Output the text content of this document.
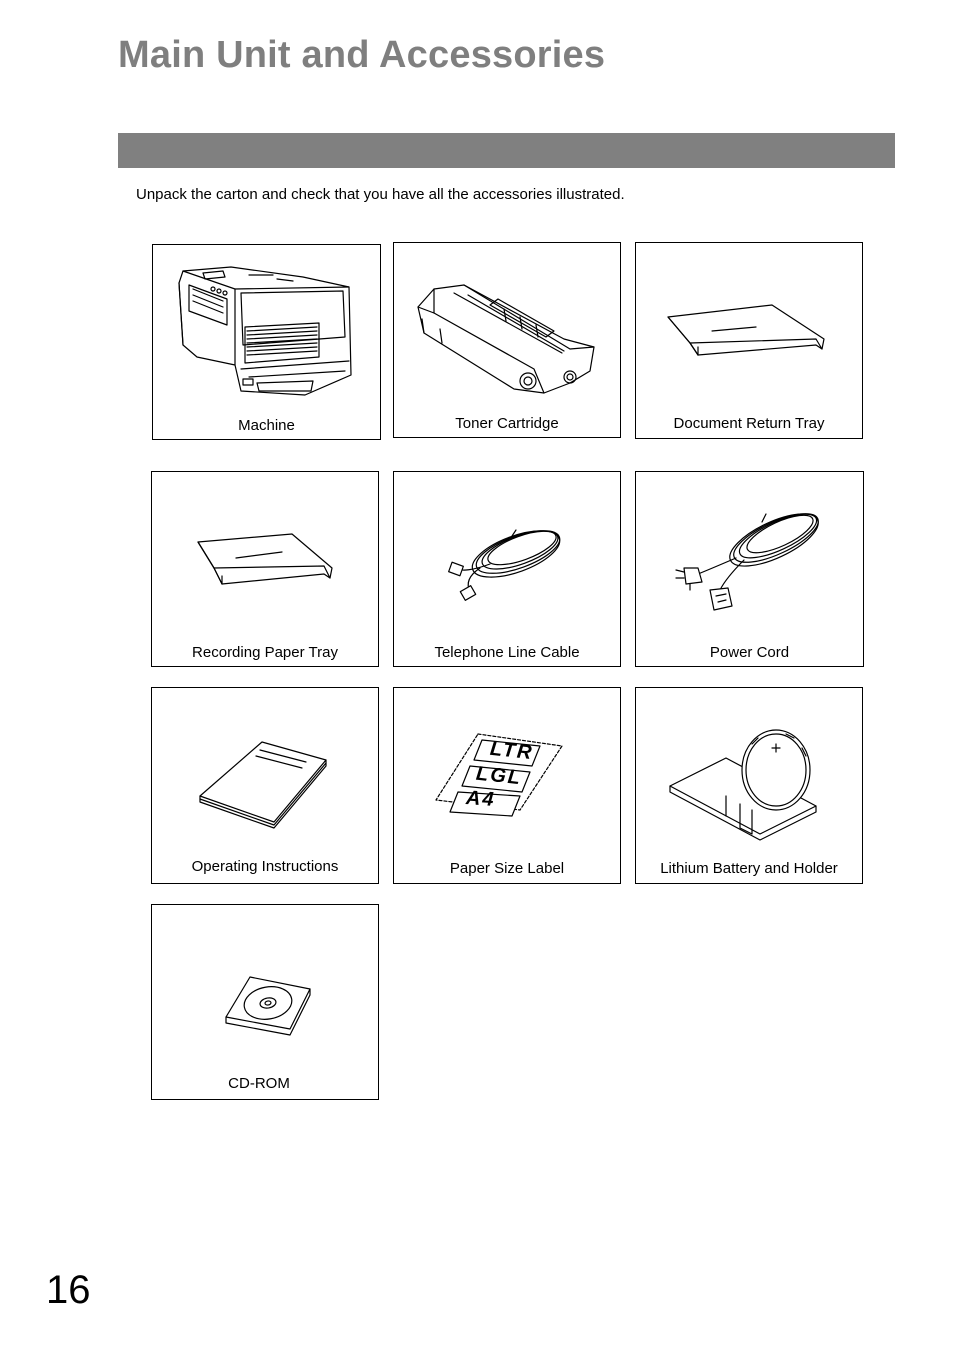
Main Unit and Accessories
Unpack the carton and check that you have all the accessories illustrated.
Machine	Toner Cartridge	Document Return Tray
Recording Paper Tray	Telephone Line Cable	Power Cord
Operating Instructions
LTR
LGL
A4
Paper Size Label	Lithium Battery and Holder
CD-ROM
16
